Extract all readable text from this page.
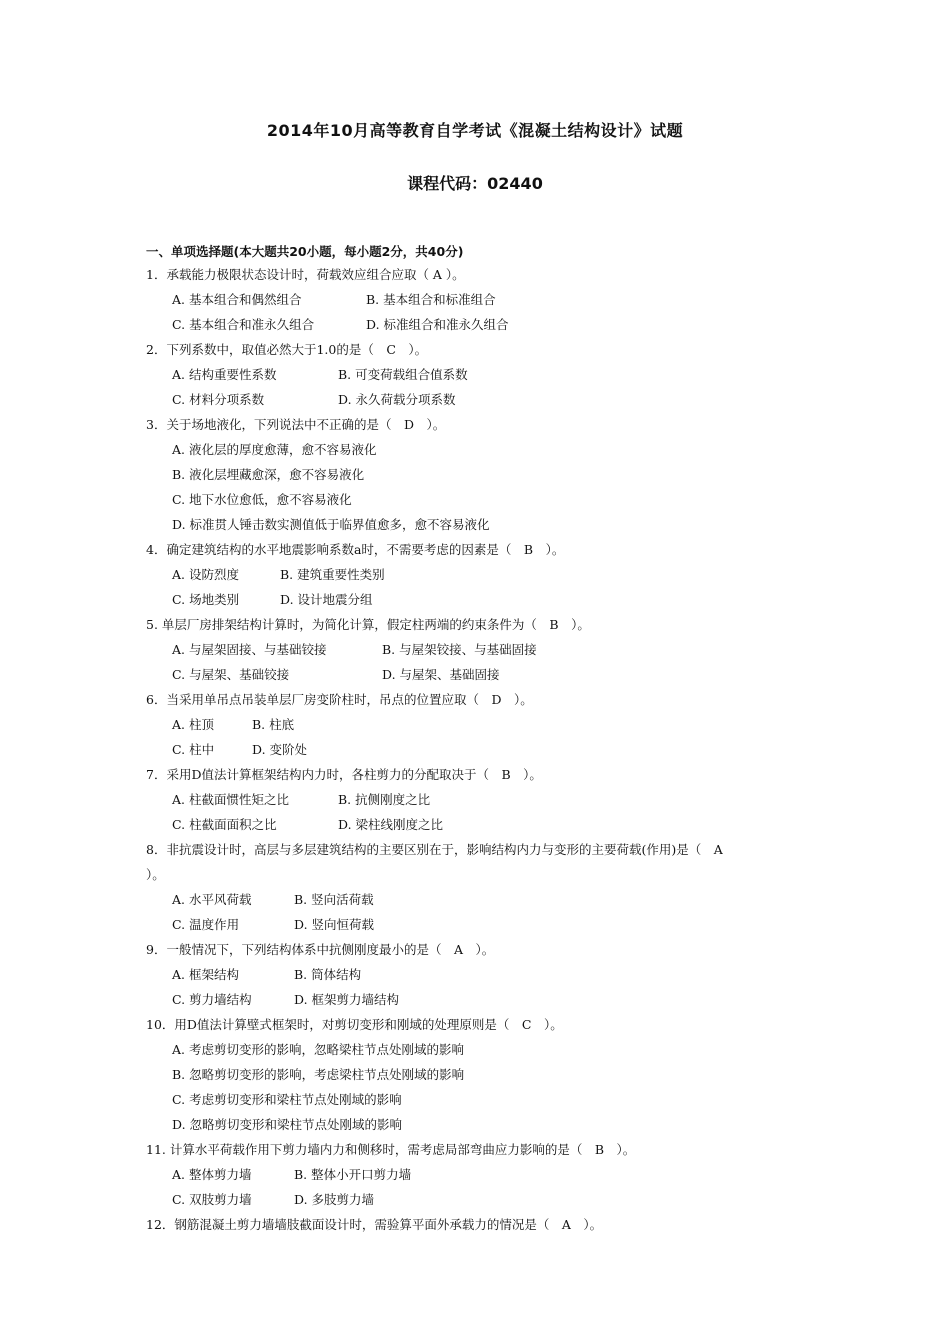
2014年10月高等教育自学考试《混凝土结构设计》试题
课程代码：02440
一、单项选择题(本大题共20小题，每小题2分，共40分)
1．承载能力极限状态设计时，荷载效应组合应取（ A ）。
A. 基本组合和偶然组合	B. 基本组合和标准组合
C. 基本组合和准永久组合	D. 标准组合和准永久组合
2．下列系数中，取值必然大于1.0的是（　C　）。
A. 结构重要性系数	B. 可变荷载组合值系数
C. 材料分项系数	D. 永久荷载分项系数
3．关于场地液化，下列说法中不正确的是（　D　）。
A. 液化层的厚度愈薄，愈不容易液化
B. 液化层埋藏愈深，愈不容易液化
C. 地下水位愈低，愈不容易液化
D. 标准贯人锤击数实测值低于临界值愈多，愈不容易液化
4．确定建筑结构的水平地震影响系数a时，不需要考虑的因素是（　B　）。
A. 设防烈度	B. 建筑重要性类别
C. 场地类别	D. 设计地震分组
5. 单层厂房排架结构计算时，为简化计算，假定柱两端的约束条件为（　B　）。
A. 与屋架固接、与基础铰接	B. 与屋架铰接、与基础固接
C. 与屋架、基础铰接	D. 与屋架、基础固接
6．当采用单吊点吊装单层厂房变阶柱时，吊点的位置应取（　D　）。
A. 柱顶	B. 柱底
C. 柱中	D. 变阶处
7．采用D值法计算框架结构内力时，各柱剪力的分配取决于（　B　）。
A. 柱截面惯性矩之比	B. 抗侧刚度之比
C. 柱截面面积之比	D. 梁柱线刚度之比
8．非抗震设计时，高层与多层建筑结构的主要区别在于，影响结构内力与变形的主要荷载(作用)是（　A
）。
A. 水平风荷载	B. 竖向活荷载
C. 温度作用	D. 竖向恒荷载
9．一般情况下，下列结构体系中抗侧刚度最小的是（　A　）。
A. 框架结构	B. 筒体结构
C. 剪力墙结构	D. 框架剪力墙结构
10．用D值法计算壁式框架时，对剪切变形和刚域的处理原则是（　C　）。
A. 考虑剪切变形的影响，忽略梁柱节点处刚域的影响
B. 忽略剪切变形的影响，考虑梁柱节点处刚域的影响
C. 考虑剪切变形和梁柱节点处刚域的影响
D. 忽略剪切变形和梁柱节点处刚域的影响
11. 计算水平荷载作用下剪力墙内力和侧移时，需考虑局部弯曲应力影响的是（　B　）。
A. 整体剪力墙	B. 整体小开口剪力墙
C. 双肢剪力墙	D. 多肢剪力墙
12．钢筋混凝土剪力墙墙肢截面设计时，需验算平面外承载力的情况是（　A　）。
